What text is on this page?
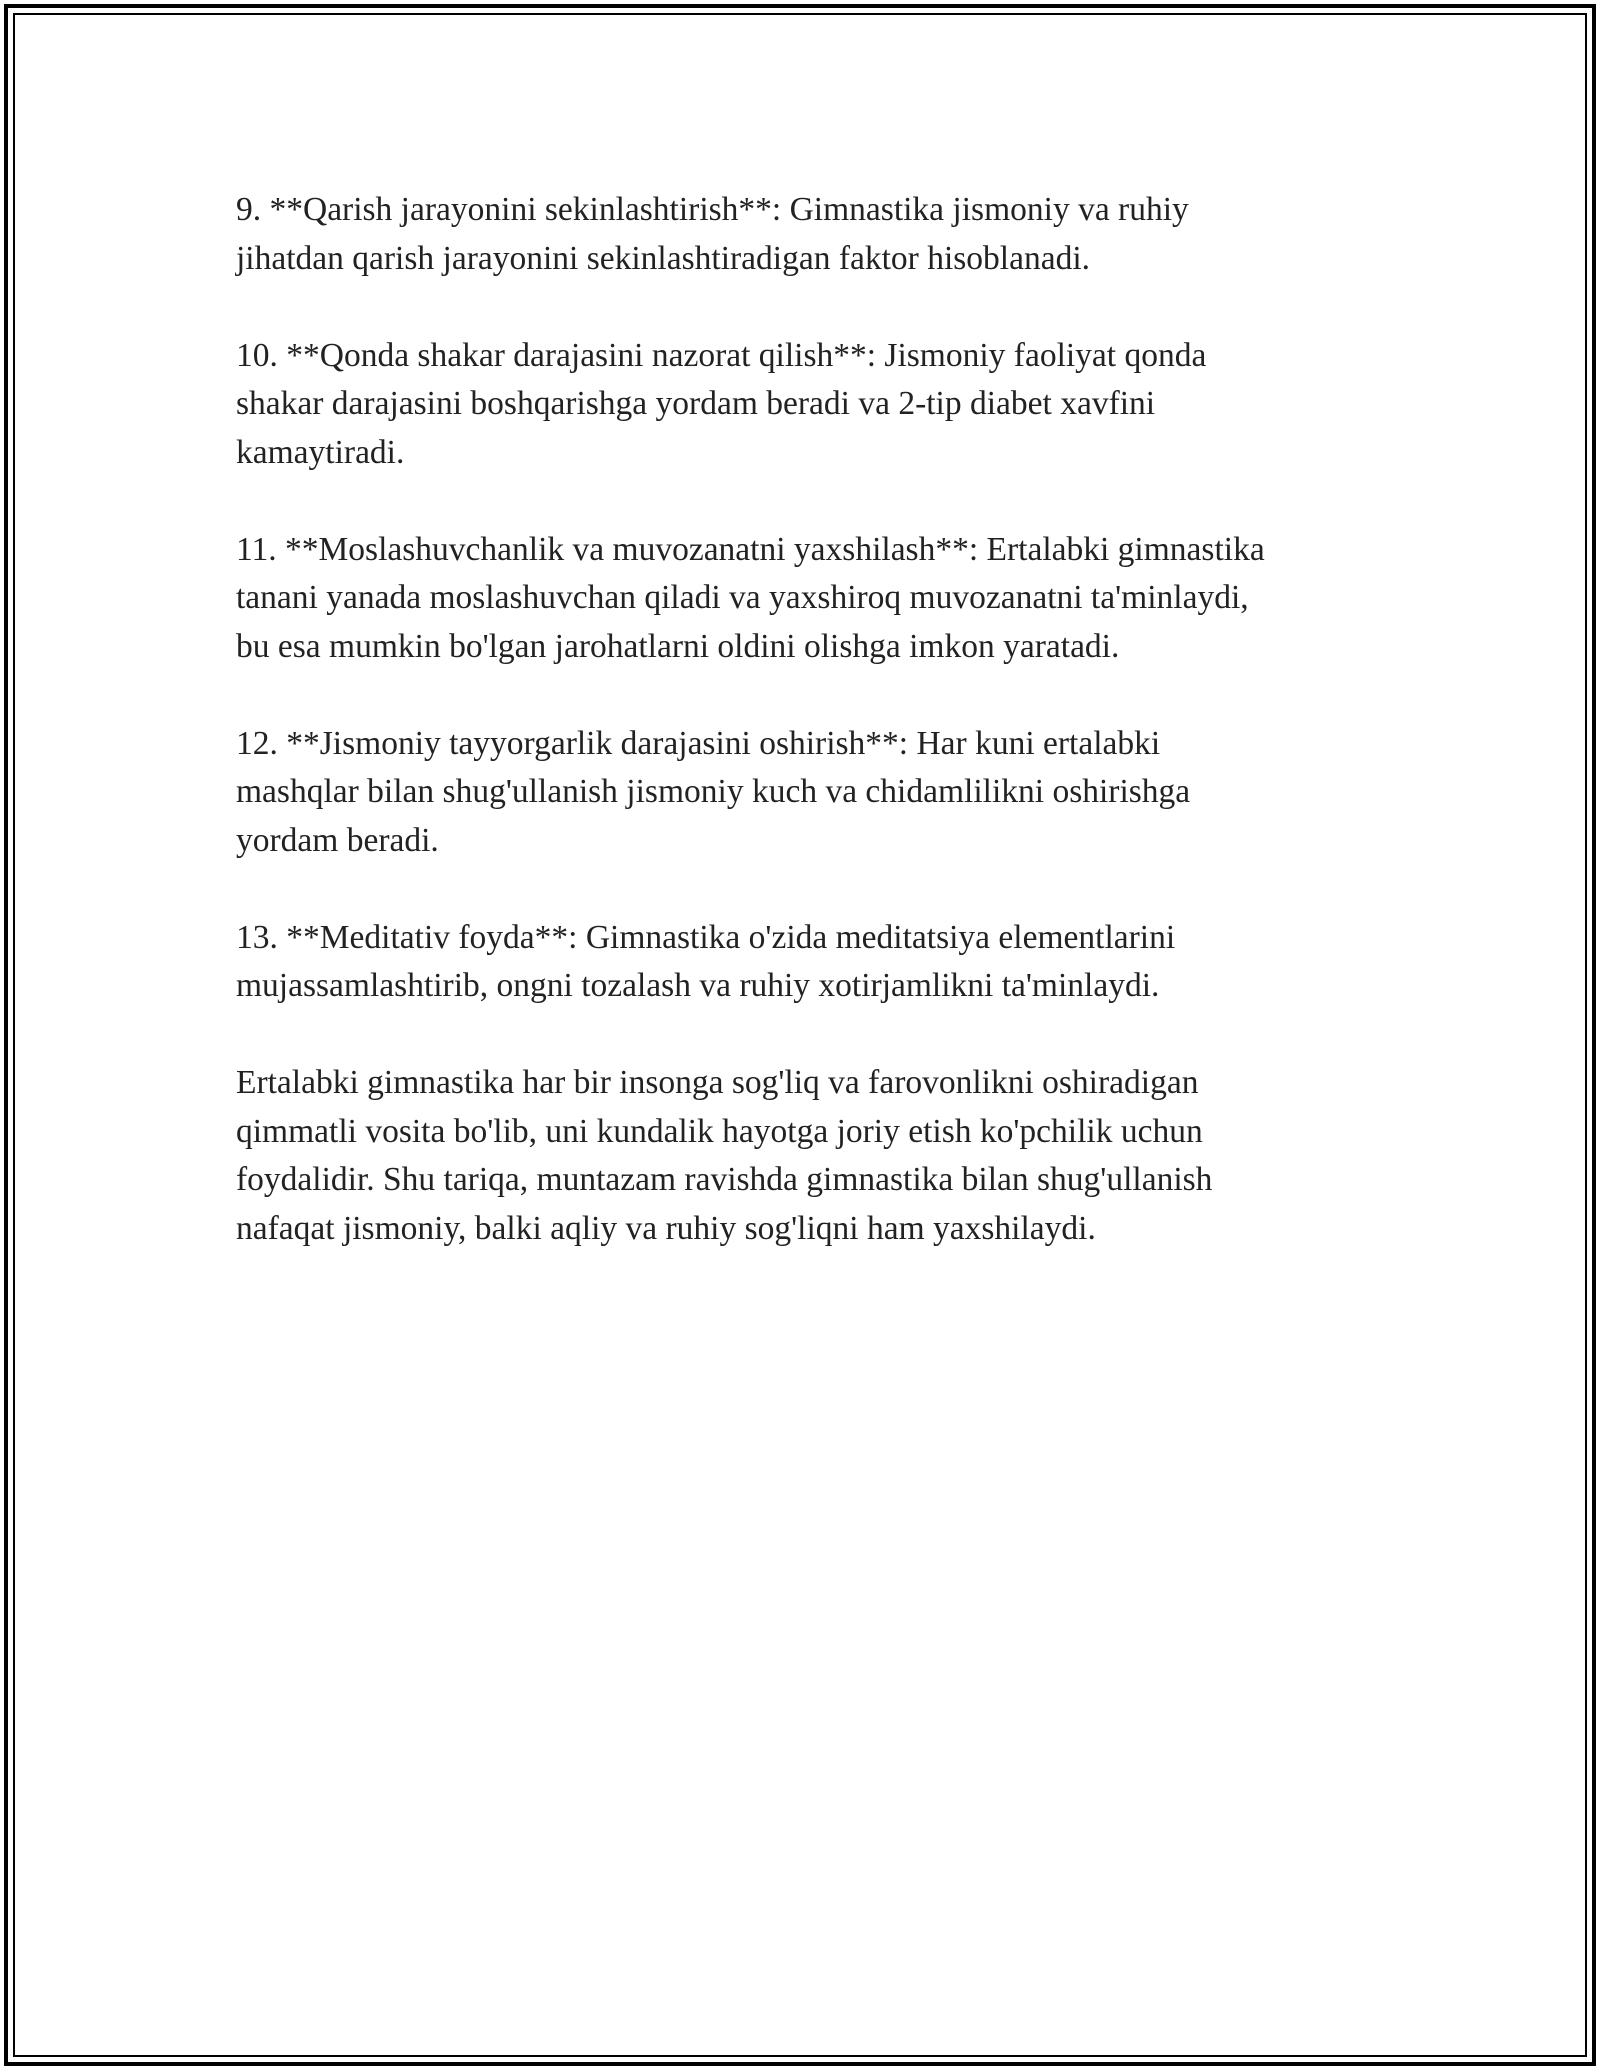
9. **Qarish jarayonini sekinlashtirish**: Gimnastika jismoniy va ruhiy
jihatdan qarish jarayonini sekinlashtiradigan faktor hisoblanadi.

10. **Qonda shakar darajasini nazorat qilish**: Jismoniy faoliyat qonda
shakar darajasini boshqarishga yordam beradi va 2-tip diabet xavfini
kamaytiradi.

11. **Moslashuvchanlik va muvozanatni yaxshilash**: Ertalabki gimnastika
tanani yanada moslashuvchan qiladi va yaxshiroq muvozanatni ta'minlaydi,
bu esa mumkin bo'lgan jarohatlarni oldini olishga imkon yaratadi.

12. **Jismoniy tayyorgarlik darajasini oshirish**: Har kuni ertalabki
mashqlar bilan shug'ullanish jismoniy kuch va chidamlilikni oshirishga
yordam beradi.

13. **Meditativ foyda**: Gimnastika o'zida meditatsiya elementlarini
mujassamlashtirib, ongni tozalash va ruhiy xotirjamlikni ta'minlaydi.

Ertalabki gimnastika har bir insonga sog'liq va farovonlikni oshiradigan
qimmatli vosita bo'lib, uni kundalik hayotga joriy etish ko'pchilik uchun
foydalidir. Shu tariqa, muntazam ravishda gimnastika bilan shug'ullanish
nafaqat jismoniy, balki aqliy va ruhiy sog'liqni ham yaxshilaydi.
